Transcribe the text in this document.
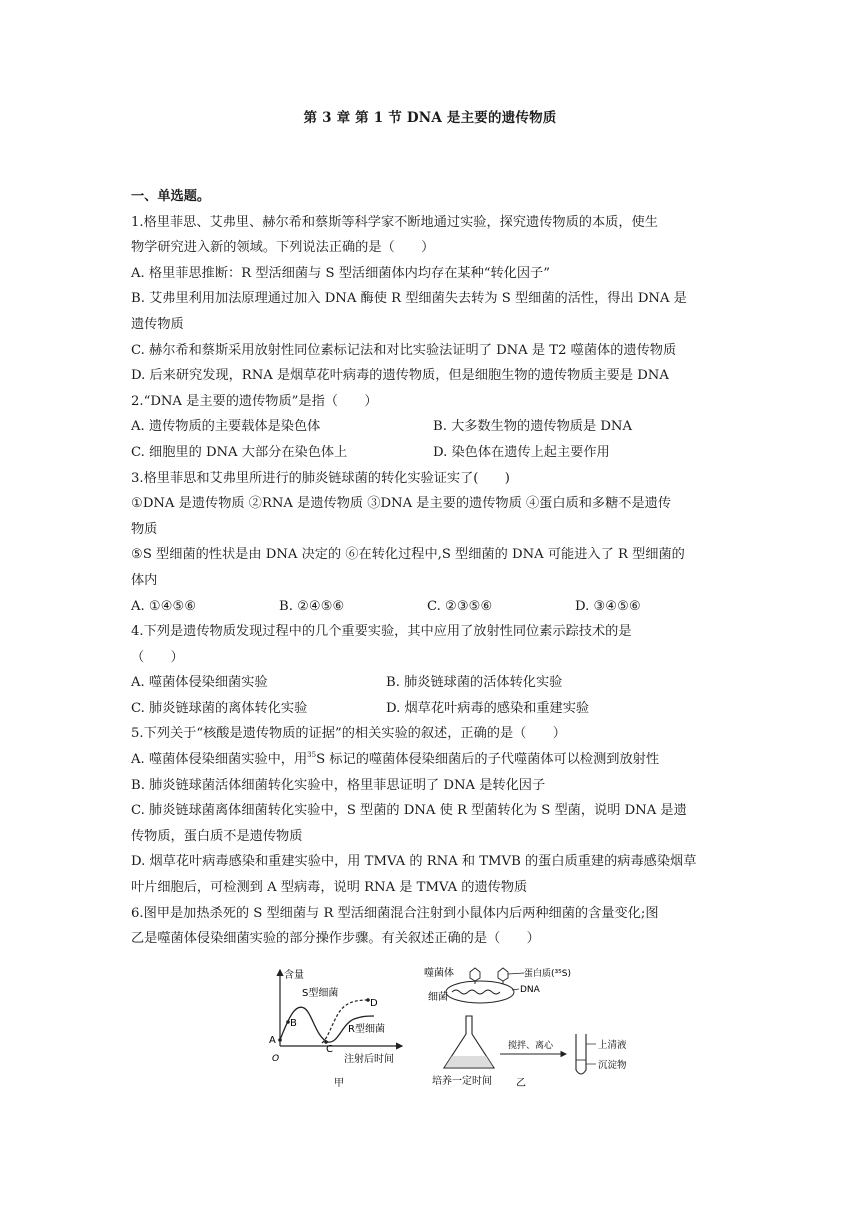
第 3 章 第 1 节 DNA 是主要的遗传物质
一、单选题。
1.格里菲思、艾弗里、赫尔希和蔡斯等科学家不断地通过实验，探究遗传物质的本质，使生
物学研究进入新的领域。下列说法正确的是（　　）
A. 格里菲思推断：R 型活细菌与 S 型活细菌体内均存在某种“转化因子”
B. 艾弗里利用加法原理通过加入 DNA 酶使 R 型细菌失去转为 S 型细菌的活性，得出 DNA 是
遗传物质
C. 赫尔希和蔡斯采用放射性同位素标记法和对比实验法证明了 DNA 是 T2 噬菌体的遗传物质
D. 后来研究发现，RNA 是烟草花叶病毒的遗传物质，但是细胞生物的遗传物质主要是 DNA
2.“DNA 是主要的遗传物质”是指（　　）
A. 遗传物质的主要载体是染色体	B. 大多数生物的遗传物质是 DNA
C. 细胞里的 DNA 大部分在染色体上	D. 染色体在遗传上起主要作用
3.格里菲思和艾弗里所进行的肺炎链球菌的转化实验证实了(　　)
①DNA 是遗传物质 ②RNA 是遗传物质 ③DNA 是主要的遗传物质 ④蛋白质和多糖不是遗传
物质
⑤S 型细菌的性状是由 DNA 决定的 ⑥在转化过程中,S 型细菌的 DNA 可能进入了 R 型细菌的
体内
A. ①④⑤⑥	B. ②④⑤⑥	C. ②③⑤⑥	D. ③④⑤⑥
4.下列是遗传物质发现过程中的几个重要实验，其中应用了放射性同位素示踪技术的是
（　　）
A. 噬菌体侵染细菌实验	B. 肺炎链球菌的活体转化实验
C. 肺炎链球菌的离体转化实验	D. 烟草花叶病毒的感染和重建实验
5.下列关于“核酸是遗传物质的证据”的相关实验的叙述，正确的是（　　）
A. 噬菌体侵染细菌实验中，用$^{35}$S 标记的噬菌体侵染细菌后的子代噬菌体可以检测到放射性
B. 肺炎链球菌活体细菌转化实验中，格里菲思证明了 DNA 是转化因子
C. 肺炎链球菌离体细菌转化实验中，S 型菌的 DNA 使 R 型菌转化为 S 型菌，说明 DNA 是遗
传物质，蛋白质不是遗传物质
D. 烟草花叶病毒感染和重建实验中，用 TMVA 的 RNA 和 TMVB 的蛋白质重建的病毒感染烟草
叶片细胞后，可检测到 A 型病毒，说明 RNA 是 TMVA 的遗传物质
6.图甲是加热杀死的 S 型细菌与 R 型活细菌混合注射到小鼠体内后两种细菌的含量变化;图
乙是噬菌体侵染细菌实验的部分操作步骤。有关叙述正确的是（　　）
含量
O	注射后时间
A
B
C
D
S型细菌
R型细菌
甲
噬菌体	蛋白质(³⁵S)
DNA
细菌
培养一定时间
搅拌、离心	上清液
沉淀物
乙
